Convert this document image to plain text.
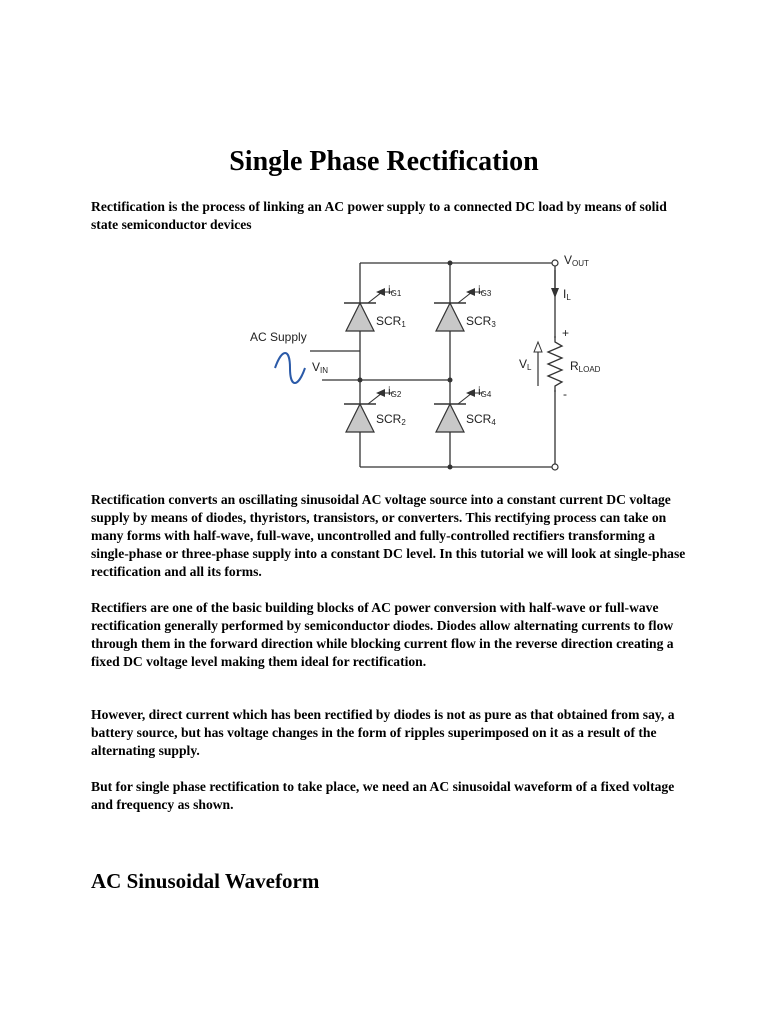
Single Phase Rectification

Rectification is the process of linking an AC power supply to a connected DC load by means of solid state semiconductor devices

AC Supply
VIN
VOUT
IL
VL	RLOAD
+
-
SCR1	SCR3
SCR2	SCR4
iG1	iG3
iG2	iG4

Rectification converts an oscillating sinusoidal AC voltage source into a constant current DC voltage supply by means of diodes, thyristors, transistors, or converters. This rectifying process can take on many forms with half-wave, full-wave, uncontrolled and fully-controlled rectifiers transforming a single-phase or three-phase supply into a constant DC level. In this tutorial we will look at single-phase rectification and all its forms.

Rectifiers are one of the basic building blocks of AC power conversion with half-wave or full-wave rectification generally performed by semiconductor diodes. Diodes allow alternating currents to flow through them in the forward direction while blocking current flow in the reverse direction creating a fixed DC voltage level making them ideal for rectification.

However, direct current which has been rectified by diodes is not as pure as that obtained from say, a battery source, but has voltage changes in the form of ripples superimposed on it as a result of the alternating supply.

But for single phase rectification to take place, we need an AC sinusoidal waveform of a fixed voltage and frequency as shown.

AC Sinusoidal Waveform
